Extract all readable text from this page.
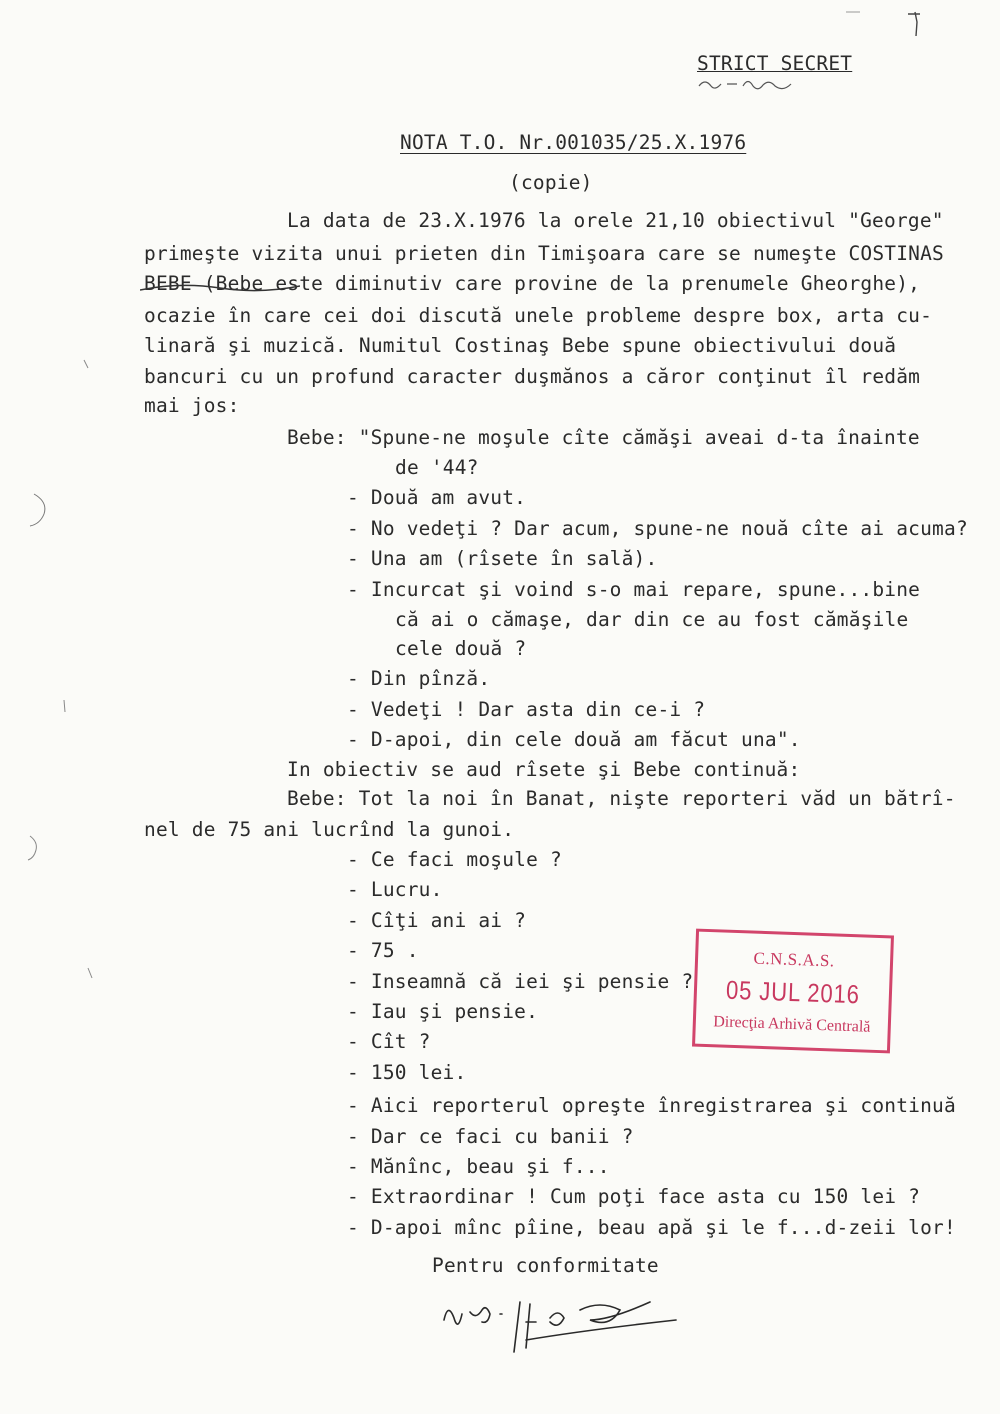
STRICT SECRET
NOTA T.O. Nr.001035/25.X.1976
(copie)
La data de 23.X.1976 la orele 21,10 obiectivul "George"
primeşte vizita unui prieten din Timişoara care se numeşte COSTINAS
BEBE (Bebe este diminutiv care provine de la prenumele Gheorghe),
ocazie în care cei doi discută unele probleme despre box, arta cu-
linară şi muzică. Numitul Costinaş Bebe spune obiectivului două
bancuri cu un profund caracter duşmănos a căror conţinut îl redăm
mai jos:
Bebe: "Spune-ne moşule cîte cămăşi aveai d-ta înainte
de '44?
- Două am avut.
- No vedeţi ? Dar acum, spune-ne nouă cîte ai acuma?
- Una am (rîsete în sală).
- Incurcat şi voind s-o mai repare, spune...bine
că ai o cămaşe, dar din ce au fost cămăşile
cele două ?
- Din pînză.
- Vedeţi ! Dar asta din ce-i ?
- D-apoi, din cele două am făcut una".
In obiectiv se aud rîsete şi Bebe continuă:
Bebe: Tot la noi în Banat, nişte reporteri văd un bătrî-
nel de 75 ani lucrînd la gunoi.
- Ce faci moşule ?
- Lucru.
- Cîţi ani ai ?
- 75 .
- Inseamnă că iei şi pensie ?
- Iau şi pensie.
- Cît ?
- 150 lei.
- Aici reporterul opreşte înregistrarea şi continuă
- Dar ce faci cu banii ?
- Mănînc, beau şi f...
- Extraordinar ! Cum poţi face asta cu 150 lei ?
- D-apoi mînc pîine, beau apă şi le f...d-zeii lor!
Pentru conformitate
C.N.S.A.S.
05 JUL 2016
Direcţia Arhivă Centrală
